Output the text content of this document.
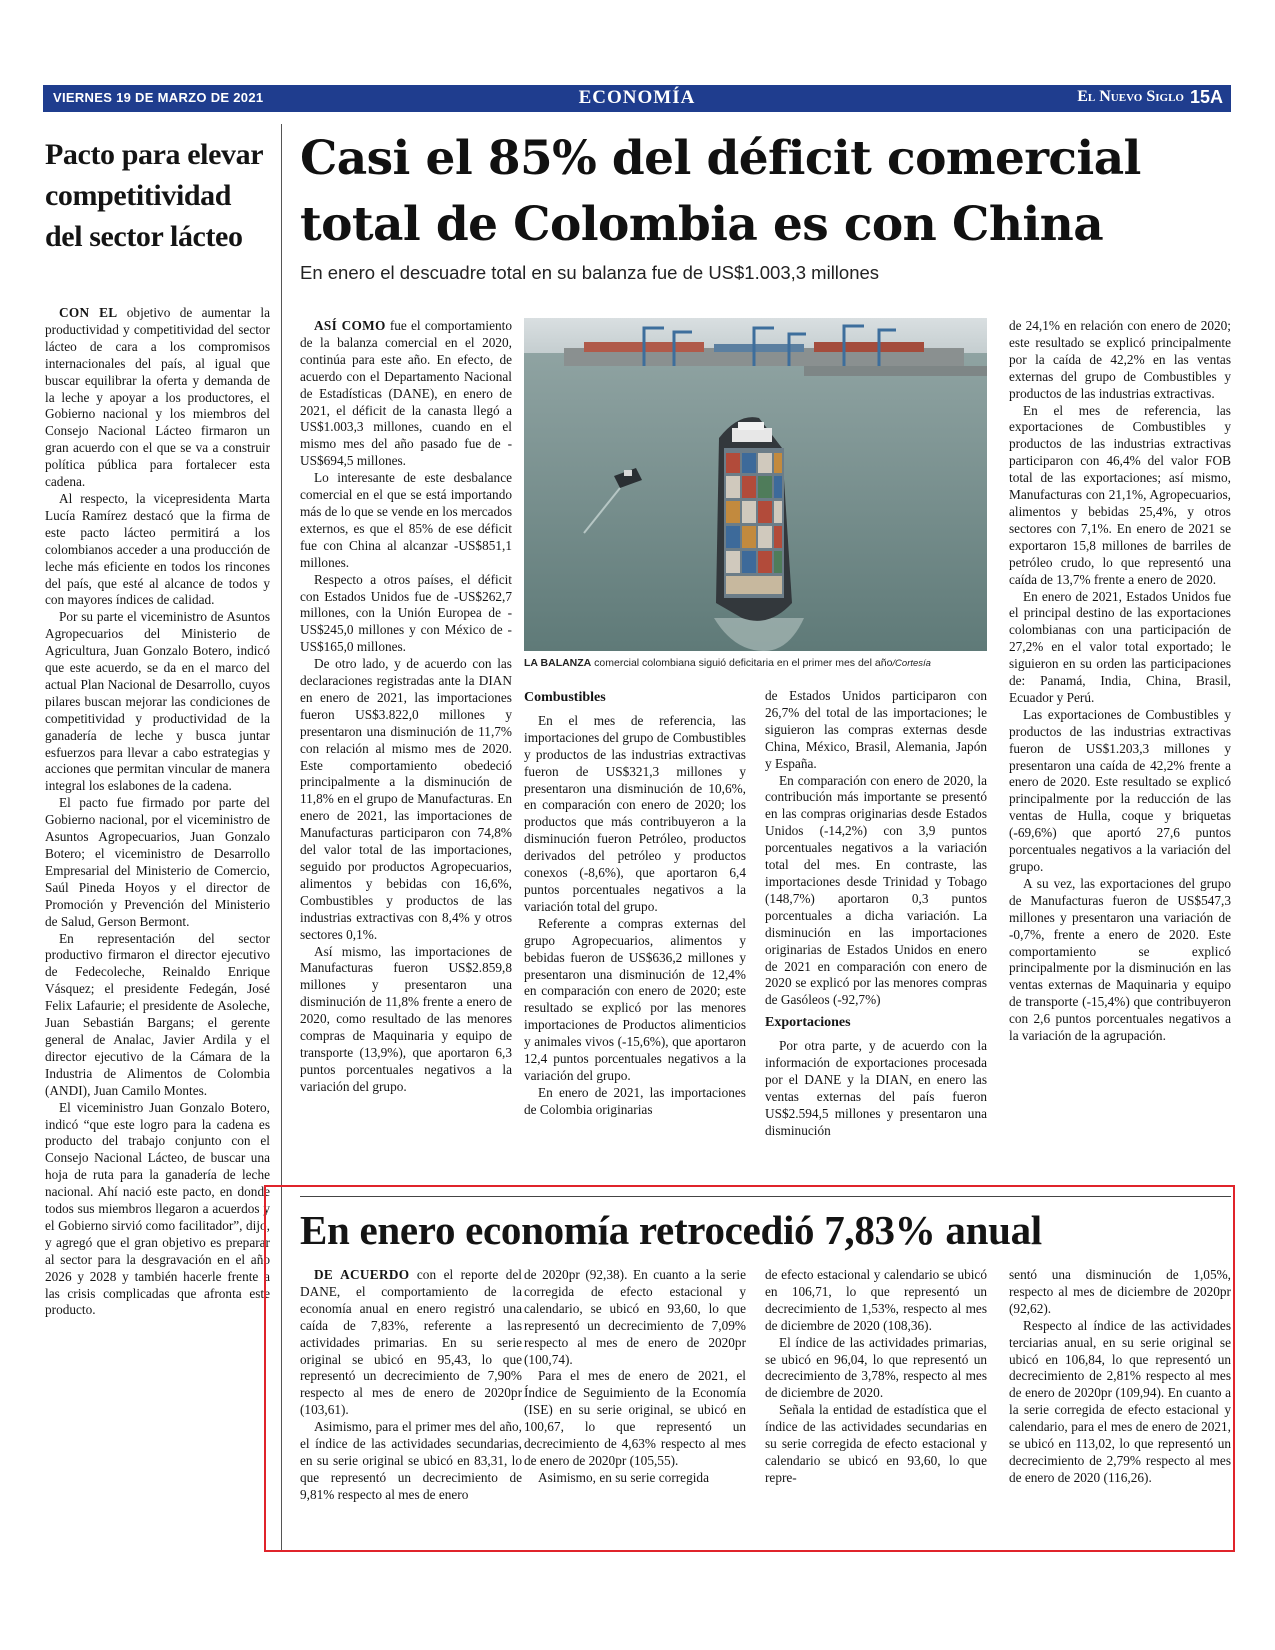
VIERNES 19 DE MARZO DE 2021	ECONOMÍA	El Nuevo Siglo 15A
Pacto para elevar competitividad del sector lácteo

CON EL objetivo de aumentar la productividad y competitividad del sector lácteo de cara a los compromisos internacionales del país, al igual que buscar equilibrar la oferta y demanda de la leche y apoyar a los productores, el Gobierno nacional y los miembros del Consejo Nacional Lácteo firmaron un gran acuerdo con el que se va a construir política pública para fortalecer esta cadena.

Al respecto, la vicepresidenta Marta Lucía Ramírez destacó que la firma de este pacto lácteo permitirá a los colombianos acceder a una producción de leche más eficiente en todos los rincones del país, que esté al alcance de todos y con mayores índices de calidad.

Por su parte el viceministro de Asuntos Agropecuarios del Ministerio de Agricultura, Juan Gonzalo Botero, indicó que este acuerdo, se da en el marco del actual Plan Nacional de Desarrollo, cuyos pilares buscan mejorar las condiciones de competitividad y productividad de la ganadería de leche y busca juntar esfuerzos para llevar a cabo estrategias y acciones que permitan vincular de manera integral los eslabones de la cadena.

El pacto fue firmado por parte del Gobierno nacional, por el viceministro de Asuntos Agropecuarios, Juan Gonzalo Botero; el viceministro de Desarrollo Empresarial del Ministerio de Comercio, Saúl Pineda Hoyos y el director de Promoción y Prevención del Ministerio de Salud, Gerson Bermont.

En representación del sector productivo firmaron el director ejecutivo de Fedecoleche, Reinaldo Enrique Vásquez; el presidente Fedegán, José Felix Lafaurie; el presidente de Asoleche, Juan Sebastián Bargans; el gerente general de Analac, Javier Ardila y el director ejecutivo de la Cámara de la Industria de Alimentos de Colombia (ANDI), Juan Camilo Montes.

El viceministro Juan Gonzalo Botero, indicó “que este logro para la cadena es producto del trabajo conjunto con el Consejo Nacional Lácteo, de buscar una hoja de ruta para la ganadería de leche nacional. Ahí nació este pacto, en donde todos sus miembros llegaron a acuerdos y el Gobierno sirvió como facilitador”, dijo, y agregó que el gran objetivo es preparar al sector para la desgravación en el año 2026 y 2028 y también hacerle frente a las crisis complicadas que afronta este producto.

Casi el 85% del déficit comercial total de Colombia es con China
En enero el descuadre total en su balanza fue de US$1.003,3 millones

ASÍ COMO fue el comportamiento de la balanza comercial en el 2020, continúa para este año. En efecto, de acuerdo con el Departamento Nacional de Estadísticas (DANE), en enero de 2021, el déficit de la canasta llegó a US$1.003,3 millones, cuando en el mismo mes del año pasado fue de -US$694,5 millones.

Lo interesante de este desbalance comercial en el que se está importando más de lo que se vende en los mercados externos, es que el 85% de ese déficit fue con China al alcanzar -US$851,1 millones.

Respecto a otros países, el déficit con Estados Unidos fue de -US$262,7 millones, con la Unión Europea de -US$245,0 millones y con México de -US$165,0 millones.

De otro lado, y de acuerdo con las declaraciones registradas ante la DIAN en enero de 2021, las importaciones fueron US$3.822,0 millones y presentaron una disminución de 11,7% con relación al mismo mes de 2020. Este comportamiento obedeció principalmente a la disminución de 11,8% en el grupo de Manufacturas. En enero de 2021, las importaciones de Manufacturas participaron con 74,8% del valor total de las importaciones, seguido por productos Agropecuarios, alimentos y bebidas con 16,6%, Combustibles y productos de las industrias extractivas con 8,4% y otros sectores 0,1%.

Así mismo, las importaciones de Manufacturas fueron US$2.859,8 millones y presentaron una disminución de 11,8% frente a enero de 2020, como resultado de las menores compras de Maquinaria y equipo de transporte (13,9%), que aportaron 6,3 puntos porcentuales negativos a la variación del grupo.

LA BALANZA comercial colombiana siguió deficitaria en el primer mes del año/Cortesía
Combustibles

En el mes de referencia, las importaciones del grupo de Combustibles y productos de las industrias extractivas fueron de US$321,3 millones y presentaron una disminución de 10,6%, en comparación con enero de 2020; los productos que más contribuyeron a la disminución fueron Petróleo, productos derivados del petróleo y productos conexos (-8,6%), que aportaron 6,4 puntos porcentuales negativos a la variación total del grupo.

Referente a compras externas del grupo Agropecuarios, alimentos y bebidas fueron de US$636,2 millones y presentaron una disminución de 12,4% en comparación con enero de 2020; este resultado se explicó por las menores importaciones de Productos alimenticios y animales vivos (-15,6%), que aportaron 12,4 puntos porcentuales negativos a la variación del grupo.

En enero de 2021, las importaciones de Colombia originarias

de Estados Unidos participaron con 26,7% del total de las importaciones; le siguieron las compras externas desde China, México, Brasil, Alemania, Japón y España.

En comparación con enero de 2020, la contribución más importante se presentó en las compras originarias desde Estados Unidos (-14,2%) con 3,9 puntos porcentuales negativos a la variación total del mes. En contraste, las importaciones desde Trinidad y Tobago (148,7%) aportaron 0,3 puntos porcentuales a dicha variación. La disminución en las importaciones originarias de Estados Unidos en enero de 2021 en comparación con enero de 2020 se explicó por las menores compras de Gasóleos (-92,7%)

Exportaciones

Por otra parte, y de acuerdo con la información de exportaciones procesada por el DANE y la DIAN, en enero las ventas externas del país fueron US$2.594,5 millones y presentaron una disminución

de 24,1% en relación con enero de 2020; este resultado se explicó principalmente por la caída de 42,2% en las ventas externas del grupo de Combustibles y productos de las industrias extractivas.

En el mes de referencia, las exportaciones de Combustibles y productos de las industrias extractivas participaron con 46,4% del valor FOB total de las exportaciones; así mismo, Manufacturas con 21,1%, Agropecuarios, alimentos y bebidas 25,4%, y otros sectores con 7,1%. En enero de 2021 se exportaron 15,8 millones de barriles de petróleo crudo, lo que representó una caída de 13,7% frente a enero de 2020.

En enero de 2021, Estados Unidos fue el principal destino de las exportaciones colombianas con una participación de 27,2% en el valor total exportado; le siguieron en su orden las participaciones de: Panamá, India, China, Brasil, Ecuador y Perú.

Las exportaciones de Combustibles y productos de las industrias extractivas fueron de US$1.203,3 millones y presentaron una caída de 42,2% frente a enero de 2020. Este resultado se explicó principalmente por la reducción de las ventas de Hulla, coque y briquetas (-69,6%) que aportó 27,6 puntos porcentuales negativos a la variación del grupo.

A su vez, las exportaciones del grupo de Manufacturas fueron de US$547,3 millones y presentaron una variación de -0,7%, frente a enero de 2020. Este comportamiento se explicó principalmente por la disminución en las ventas externas de Maquinaria y equipo de transporte (-15,4%) que contribuyeron con 2,6 puntos porcentuales negativos a la variación de la agrupación.

En enero economía retrocedió 7,83% anual

DE ACUERDO con el reporte del DANE, el comportamiento de la economía anual en enero registró una caída de 7,83%, referente a las actividades primarias. En su serie original se ubicó en 95,43, lo que representó un decrecimiento de 7,90% respecto al mes de enero de 2020pr (103,61).

Asimismo, para el primer mes del año, el índice de las actividades secundarias, en su serie original se ubicó en 83,31, lo que representó un decrecimiento de 9,81% respecto al mes de enero

de 2020pr (92,38). En cuanto a la serie corregida de efecto estacional y calendario, se ubicó en 93,60, lo que representó un decrecimiento de 7,09% respecto al mes de enero de 2020pr (100,74).

Para el mes de enero de 2021, el Índice de Seguimiento de la Economía (ISE) en su serie original, se ubicó en 100,67, lo que representó un decrecimiento de 4,63% respecto al mes de enero de 2020pr (105,55).

Asimismo, en su serie corregida

de efecto estacional y calendario se ubicó en 106,71, lo que representó un decrecimiento de 1,53%, respecto al mes de diciembre de 2020 (108,36).

El índice de las actividades primarias, se ubicó en 96,04, lo que representó un decrecimiento de 3,78%, respecto al mes de diciembre de 2020.

Señala la entidad de estadística que el índice de las actividades secundarias en su serie corregida de efecto estacional y calendario se ubicó en 93,60, lo que repre-

sentó una disminución de 1,05%, respecto al mes de diciembre de 2020pr (92,62).

Respecto al índice de las actividades terciarias anual, en su serie original se ubicó en 106,84, lo que representó un decrecimiento de 2,81% respecto al mes de enero de 2020pr (109,94). En cuanto a la serie corregida de efecto estacional y calendario, para el mes de enero de 2021, se ubicó en 113,02, lo que representó un decrecimiento de 2,79% respecto al mes de enero de 2020 (116,26).
